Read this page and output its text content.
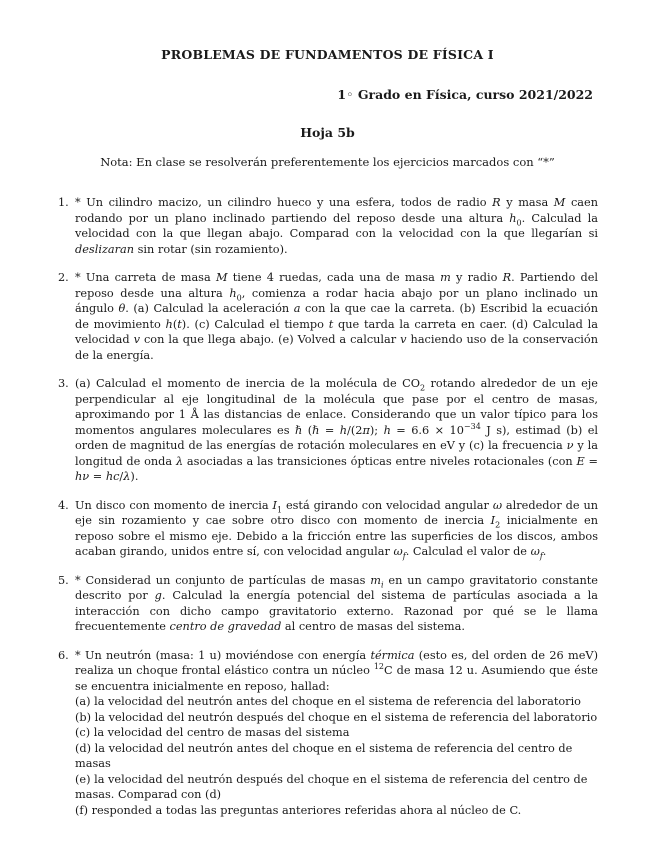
PROBLEMAS DE FUNDAMENTOS DE FÍSICA I
1◦ Grado en Física, curso 2021/2022
Hoja 5b
Nota: En clase se resolverán preferentemente los ejercicios marcados con “*”
1. * Un cilindro macizo, un cilindro hueco y una esfera, todos de radio R y masa M caen rodando por un plano inclinado partiendo del reposo desde una altura $h_0$. Calculad la velocidad con la que llegan abajo. Comparad con la velocidad con la que llegarían si deslizaran sin rotar (sin rozamiento).
2. * Una carreta de masa M tiene 4 ruedas, cada una de masa m y radio R. Partiendo del reposo desde una altura $h_0$, comienza a rodar hacia abajo por un plano inclinado un ángulo θ. (a) Calculad la aceleración a con la que cae la carreta. (b) Escribid la ecuación de movimiento h(t). (c) Calculad el tiempo t que tarda la carreta en caer. (d) Calculad la velocidad v con la que llega abajo. (e) Volved a calcular v haciendo uso de la conservación de la energía.
3. (a) Calculad el momento de inercia de la molécula de $CO_2$ rotando alrededor de un eje perpendicular al eje longitudinal de la molécula que pase por el centro de masas, aproximando por 1 Å las distancias de enlace. Considerando que un valor típico para los momentos angulares moleculares es ℏ (ℏ = h/(2π); $h = 6.6 \times 10^{-34}$ J s), estimad (b) el orden de magnitud de las energías de rotación moleculares en eV y (c) la frecuencia ν y la longitud de onda λ asociadas a las transiciones ópticas entre niveles rotacionales (con E = hν = hc/λ).
4. Un disco con momento de inercia $I_1$ está girando con velocidad angular ω alrededor de un eje sin rozamiento y cae sobre otro disco con momento de inercia $I_2$ inicialmente en reposo sobre el mismo eje. Debido a la fricción entre las superficies de los discos, ambos acaban girando, unidos entre sí, con velocidad angular $\omega_f$. Calculad el valor de $\omega_f$.
5. * Considerad un conjunto de partículas de masas $m_i$ en un campo gravitatorio constante descrito por g. Calculad la energía potencial del sistema de partículas asociada a la interacción con dicho campo gravitatorio externo. Razonad por qué se le llama frecuentemente centro de gravedad al centro de masas del sistema.
6. * Un neutrón (masa: 1 u) moviéndose con energía térmica (esto es, del orden de 26 meV) realiza un choque frontal elástico contra un núcleo $^{12}$C de masa 12 u. Asumiendo que éste se encuentra inicialmente en reposo, hallad:
(a) la velocidad del neutrón antes del choque en el sistema de referencia del laboratorio
(b) la velocidad del neutrón después del choque en el sistema de referencia del laboratorio
(c) la velocidad del centro de masas del sistema
(d) la velocidad del neutrón antes del choque en el sistema de referencia del centro de masas
(e) la velocidad del neutrón después del choque en el sistema de referencia del centro de masas. Comparad con (d)
(f) responded a todas las preguntas anteriores referidas ahora al núcleo de C.
